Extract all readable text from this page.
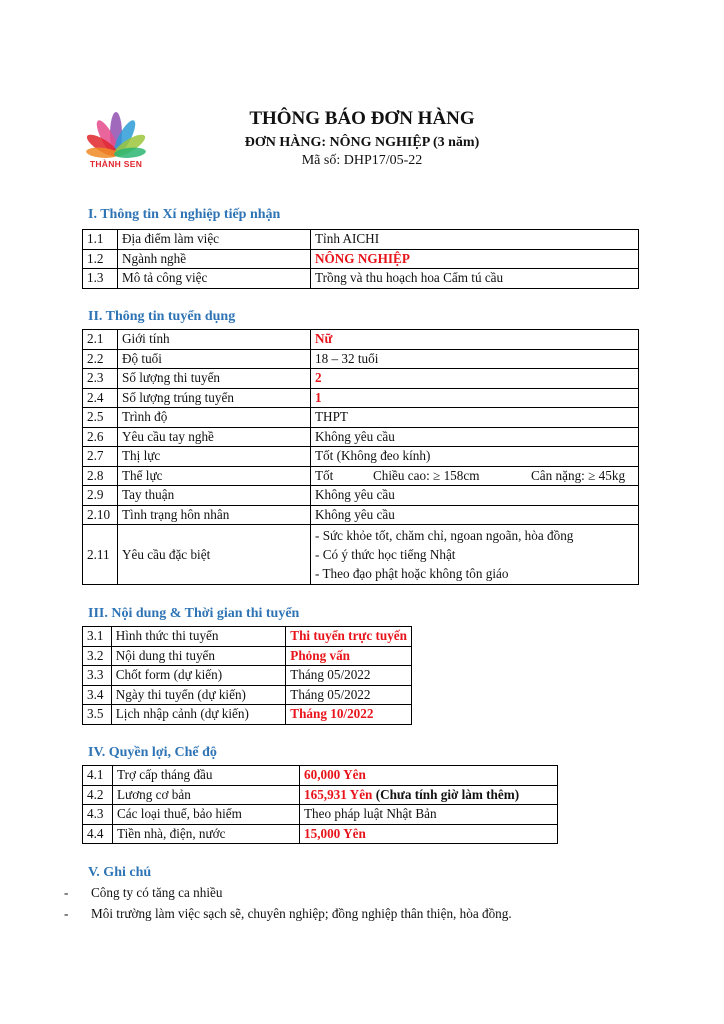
THÀNH SEN
THÔNG BÁO ĐƠN HÀNG
ĐƠN HÀNG: NÔNG NGHIỆP (3 năm)
Mã số: DHP17/05-22
I. Thông tin Xí nghiệp tiếp nhận
1.1	Địa điểm làm việc	Tỉnh AICHI
1.2	Ngành nghề	NÔNG NGHIỆP
1.3	Mô tả công việc	Trồng và thu hoạch hoa Cẩm tú cầu
II. Thông tin tuyển dụng
2.1	Giới tính	Nữ
2.2	Độ tuổi	18 – 32 tuổi
2.3	Số lượng thi tuyển	2
2.4	Số lượng trúng tuyển	1
2.5	Trình độ	THPT
2.6	Yêu cầu tay nghề	Không yêu cầu
2.7	Thị lực	Tốt (Không đeo kính)
2.8	Thể lực	Tốt Chiều cao: ≥ 158cm Cân nặng: ≥ 45kg

2.9	Tay thuận	Không yêu cầu
2.10	Tình trạng hôn nhân	Không yêu cầu
2.11	Yêu cầu đặc biệt	- Sức khỏe tốt, chăm chỉ, ngoan ngoãn, hòa đồng
- Có ý thức học tiếng Nhật
- Theo đạo phật hoặc không tôn giáo
III. Nội dung & Thời gian thi tuyển
3.1	Hình thức thi tuyển	Thi tuyển trực tuyến
3.2	Nội dung thi tuyển	Phỏng vấn
3.3	Chốt form (dự kiến)	Tháng 05/2022
3.4	Ngày thi tuyển (dự kiến)	Tháng 05/2022
3.5	Lịch nhập cảnh (dự kiến)	Tháng 10/2022
IV. Quyền lợi, Chế độ
4.1	Trợ cấp tháng đầu	60,000 Yên
4.2	Lương cơ bản	165,931 Yên (Chưa tính giờ làm thêm)
4.3	Các loại thuế, bảo hiểm	Theo pháp luật Nhật Bản
4.4	Tiền nhà, điện, nước	15,000 Yên
V. Ghi chú
-	Công ty có tăng ca nhiều
-	Môi trường làm việc sạch sẽ, chuyên nghiệp; đồng nghiệp thân thiện, hòa đồng.
